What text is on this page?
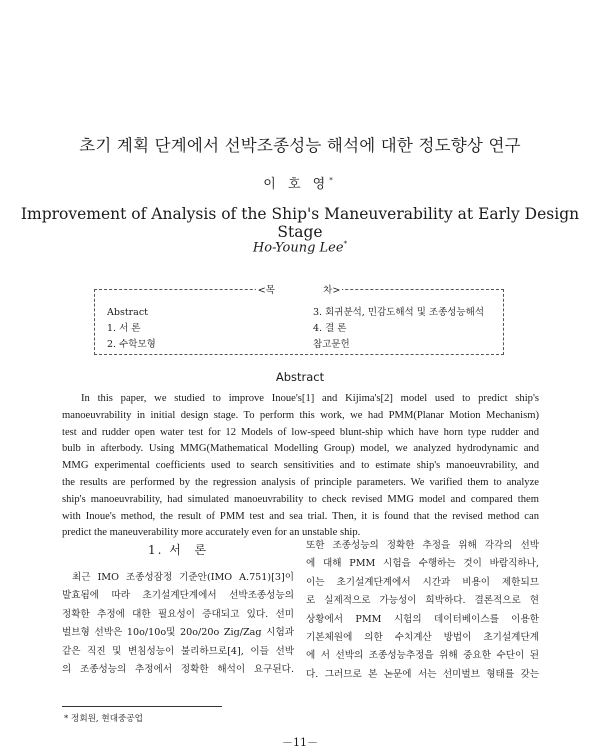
초기 계획 단계에서 선박조종성능 해석에 대한 정도향상 연구
이 호 영*
Improvement of Analysis of the Ship's Maneuverability at Early Design Stage
Ho-Young Lee*
<목                차>
Abstract
1. 서 론
2. 수학모형
3. 회귀분석, 민감도해석 및 조종성능해석
4. 결 론
참고문헌
Abstract
In this paper, we studied to improve Inoue's[1] and Kijima's[2] model used to predict ship's
manoeuvrability in initial design stage. To perform this work, we had PMM(Planar Motion Mechanism)
test and rudder open water test for 12 Models of low-speed blunt-ship which have horn type rudder and
bulb in afterbody. Using MMG(Mathematical Modelling Group) model, we analyzed hydrodynamic and
MMG experimental coefficients used to search sensitivities and to estimate ship's manoeuvrability, and
the results are performed by the regression analysis of principle parameters. We varified them to analyze
ship's manoeuvrability, had simulated manoeuvrability to check revised MMG model and compared them
with Inoue's method, the result of PMM test and sea trial. Then, it is found that the revised method can
predict the maneuverability more accurately even for an unstable ship.
1. 서  론
최근 IMO 조종성잠정 기준안(IMO A.751)[3]이
발효됨에 따라 초기설계단계에서 선박조종성능의
정확한 추정에 대한 필요성이 증대되고 있다. 선미
벌브형 선박은 10o/10o및 20o/20o Zig/Zag 시험과
같은 직진 및 변침성능이 불리하므로[4], 이들 선박
의 조종성능의 추정에서 정확한 해석이 요구된다.
또한 조종성능의 정확한 추정을 위해 각각의 선박
에 대해 PMM 시험을 수행하는 것이 바람직하나,
이는 초기설계단계에서 시간과 비용이 제한되므
로 실제적으로 가능성이 희박하다. 결론적으로 현
상황에서 PMM 시험의 데이터베이스를 이용한
기본체원에 의한 수치계산 방법이 초기설계단계
에 서 선박의 조종성능추정을 위해 중요한 수단이 된
다. 그러므로 본 논문에 서는 선미벌브 형태를 갖는
* 정회원, 현대중공업
－11－
